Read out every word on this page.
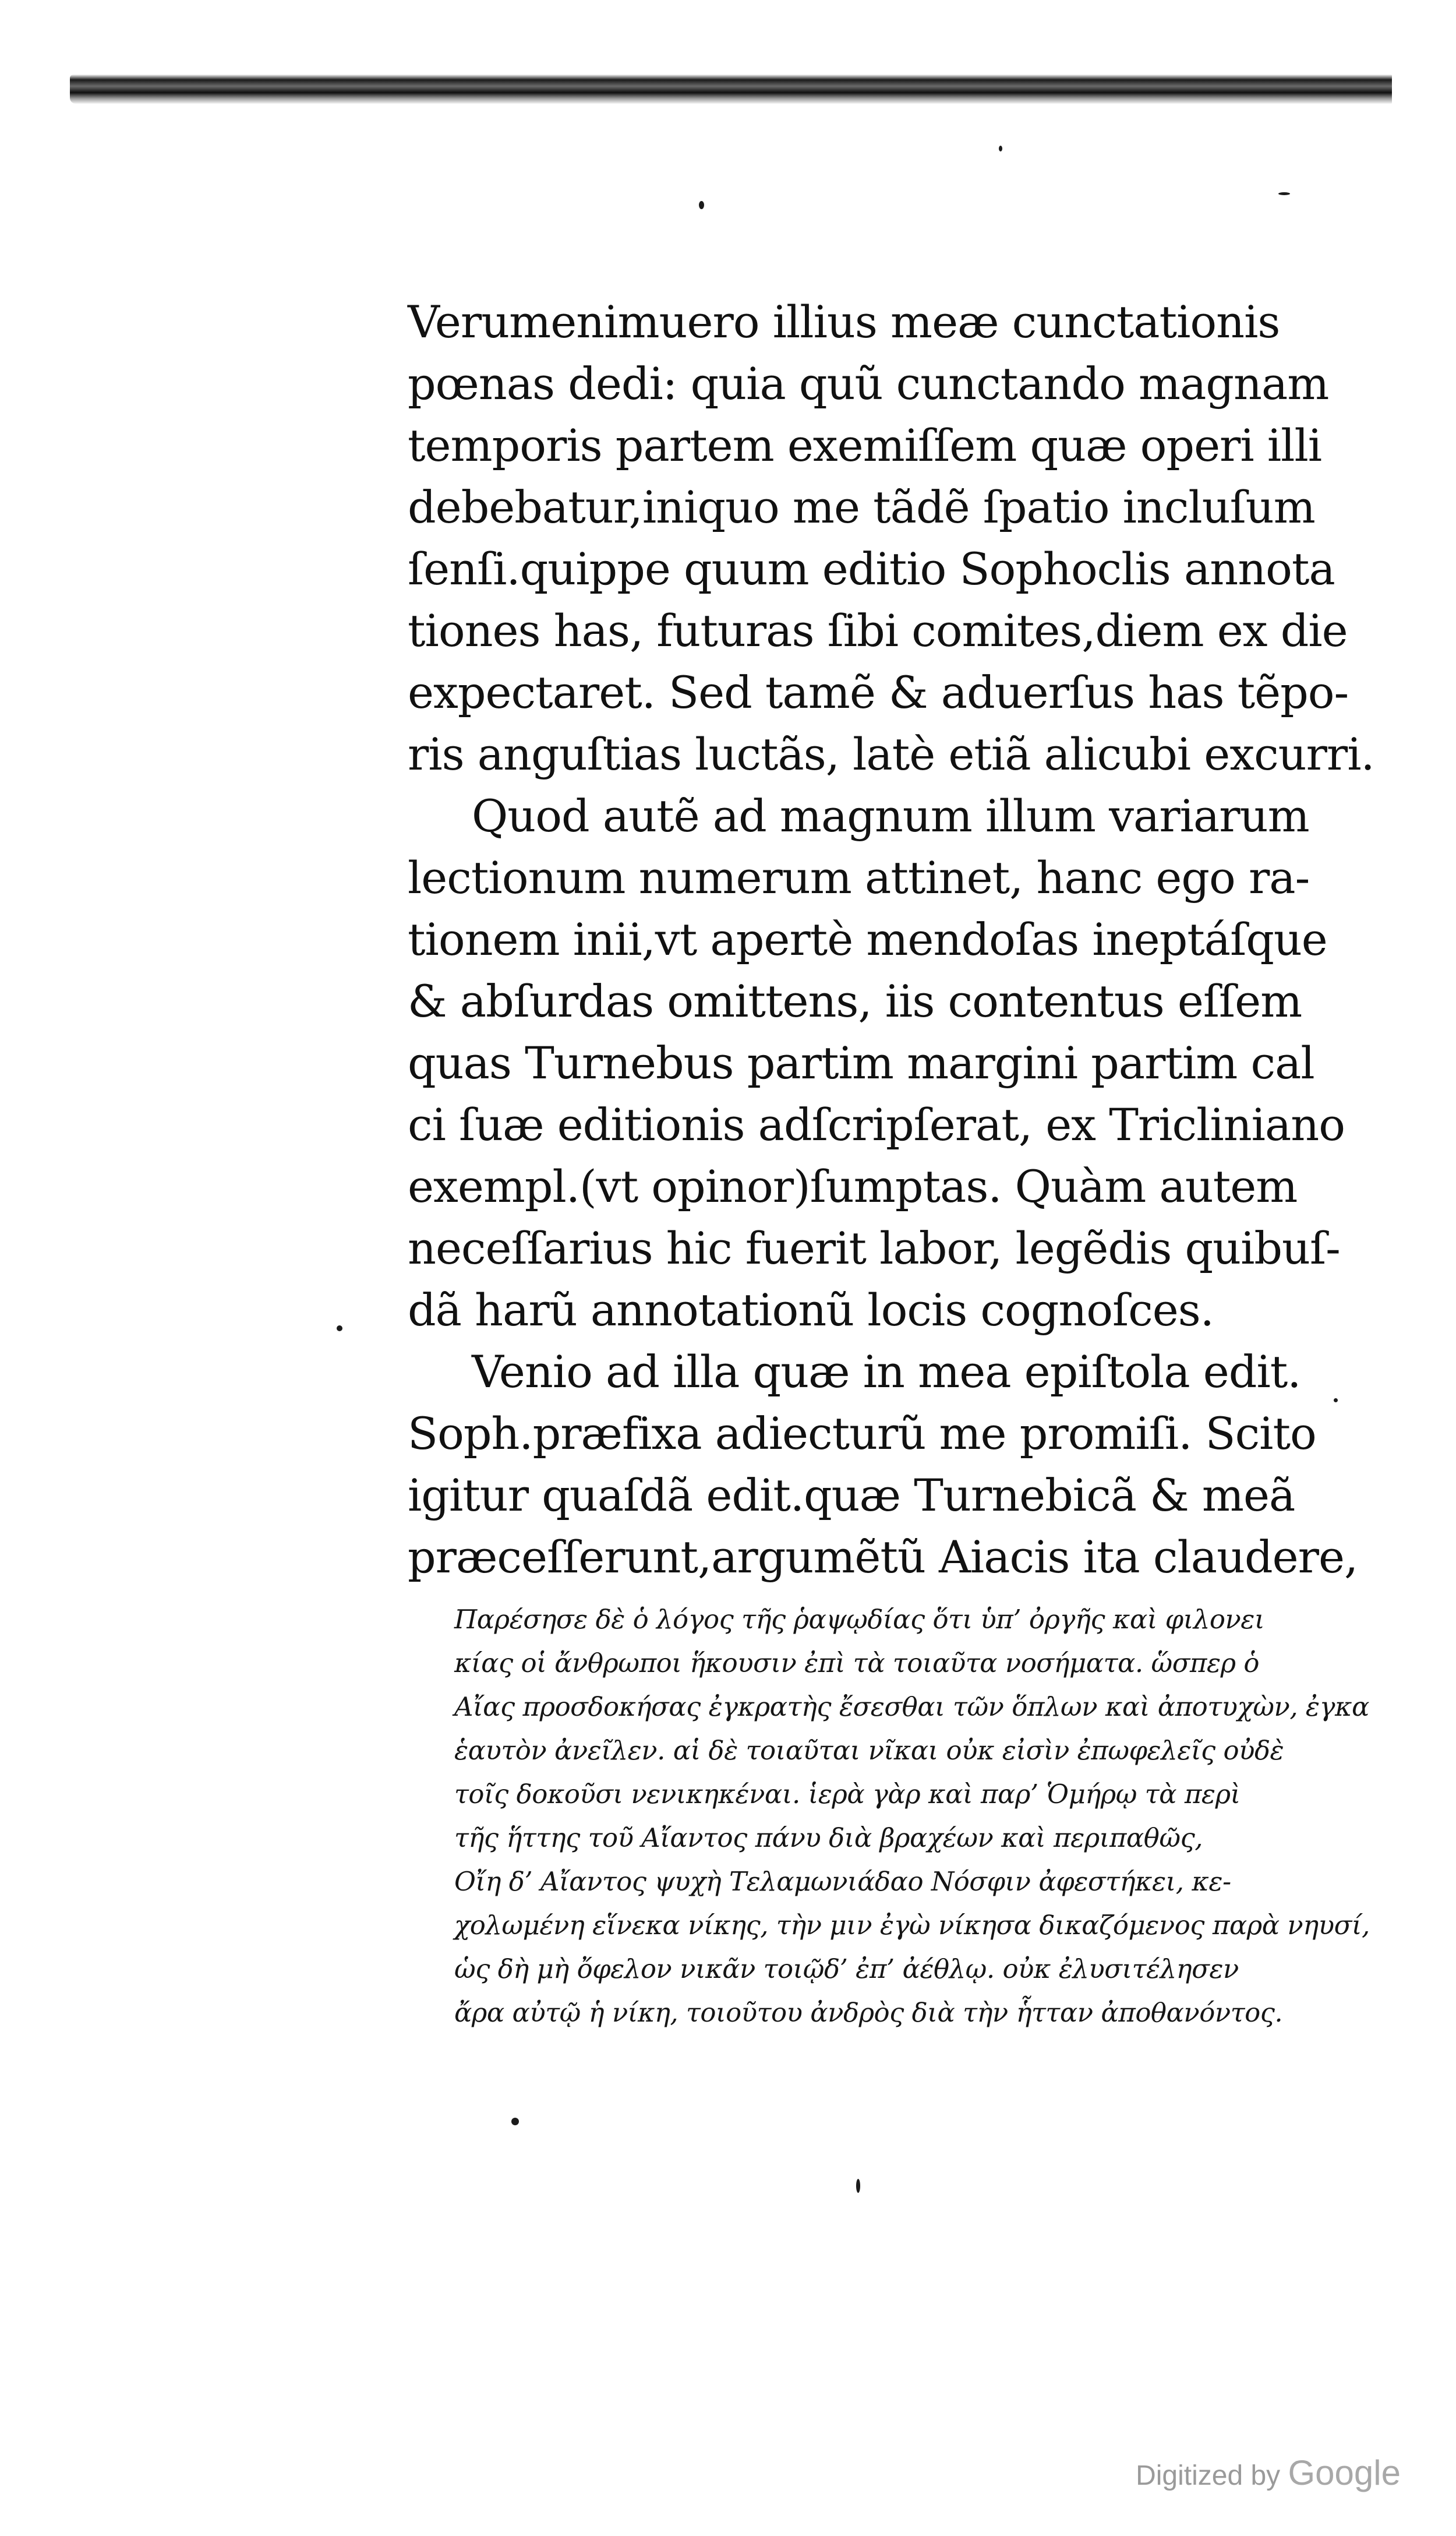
Verumenimuero illius meæ cunctationis

pœnas dedi: quia quũ cunctando magnam

temporis partem exemiſſem quæ operi illi

debebatur,iniquo me tãdẽ ſpatio incluſum

ſenſi.quippe quum editio Sophoclis annota

tiones has, futuras ſibi comites,diem ex die

expectaret. Sed tamẽ & aduerſus has tẽpo-

ris anguſtias luctãs, latè etiã alicubi excurri.

Quod autẽ ad magnum illum variarum

lectionum numerum attinet, hanc ego ra-

tionem inii,vt apertè mendoſas ineptáſque

& abſurdas omittens, iis contentus eſſem

quas Turnebus partim margini partim cal

ci ſuæ editionis adſcripſerat, ex Tricliniano

exempl.(vt opinor)ſumptas. Quàm autem

neceſſarius hic fuerit labor, legẽdis quibuſ-

dã harũ annotationũ locis cognoſces.

Venio ad illa quæ in mea epiſtola edit.

Soph.præfixa adiecturũ me promiſi. Scito

igitur quaſdã edit.quæ Turnebicã & meã

præceſſerunt,argumẽtũ Aiacis ita claudere,

Παρέσησε δὲ ὁ λόγος τῆς ῥαψῳδίας ὅτι ὑπ’ ὀργῆς καὶ φιλονει

κίας οἱ ἄνθρωποι ἥκουσιν ἐπὶ τὰ τοιαῦτα νοσήματα. ὥσπερ ὁ

Αἴας προσδοκήσας ἐγκρατὴς ἔσεσθαι τῶν ὅπλων καὶ ἀποτυχὼν, ἐγκα

ἑαυτὸν ἀνεῖλεν. αἱ δὲ τοιαῦται νῖκαι οὐκ εἰσὶν ἐπωφελεῖς οὐδὲ

τοῖς δοκοῦσι νενικηκέναι. ἱερὰ γὰρ καὶ παρ’ Ὁμήρῳ τὰ περὶ

τῆς ἥττης τοῦ Αἴαντος πάνυ διὰ βραχέων καὶ περιπαθῶς,

Οἴη δ’ Αἴαντος ψυχὴ Τελαμωνιάδαο Νόσφιν ἀφεστήκει, κε-

χολωμένη εἵνεκα νίκης, τὴν μιν ἐγὼ νίκησα δικαζόμενος παρὰ νηυσί,

ὡς δὴ μὴ ὄφελον νικᾶν τοιῷδ’ ἐπ’ ἀέθλῳ. οὐκ ἐλυσιτέλησεν

ἄρα αὐτῷ ἡ νίκη, τοιοῦτου ἀνδρὸς διὰ τὴν ἧτταν ἀποθανόντος.

Digitized by Google
